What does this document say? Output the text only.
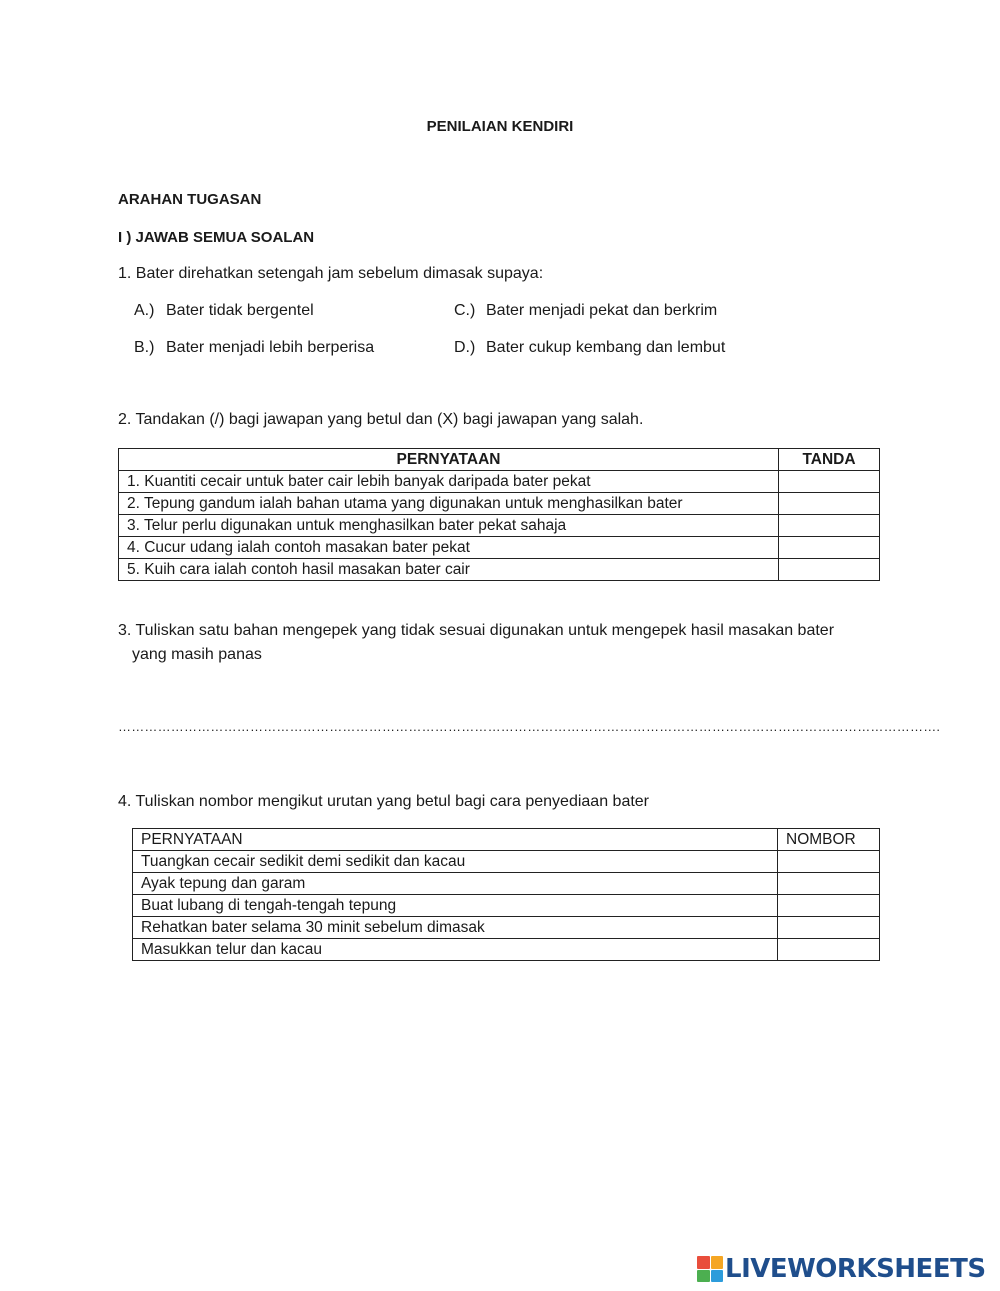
PENILAIAN KENDIRI
ARAHAN TUGASAN
I ) JAWAB SEMUA SOALAN
1. Bater direhatkan setengah jam sebelum dimasak supaya:
A.) Bater tidak bergentel
B.) Bater menjadi lebih berperisa
C.) Bater menjadi pekat dan berkrim
D.) Bater cukup kembang dan lembut
2. Tandakan (/) bagi jawapan yang betul dan (X) bagi jawapan yang salah.
PERNYATAAN	TANDA
1. Kuantiti cecair untuk bater cair lebih banyak daripada bater pekat	
2. Tepung gandum ialah bahan utama yang digunakan untuk menghasilkan bater	
3. Telur perlu digunakan untuk menghasilkan bater pekat sahaja	
4. Cucur udang ialah contoh masakan bater pekat	
5. Kuih cara ialah contoh hasil masakan bater cair	
3. Tuliskan satu bahan mengepek yang tidak sesuai digunakan untuk mengepek hasil masakan bater
yang masih panas
…………………………………………………………………………………………………………………………………………………………………….
4. Tuliskan nombor mengikut urutan yang betul bagi cara penyediaan bater
PERNYATAAN	NOMBOR
Tuangkan cecair sedikit demi sedikit dan kacau	
Ayak tepung dan garam	
Buat lubang di tengah-tengah tepung	
Rehatkan bater selama 30 minit sebelum dimasak	
Masukkan telur dan kacau	
LIVEWORKSHEETS
